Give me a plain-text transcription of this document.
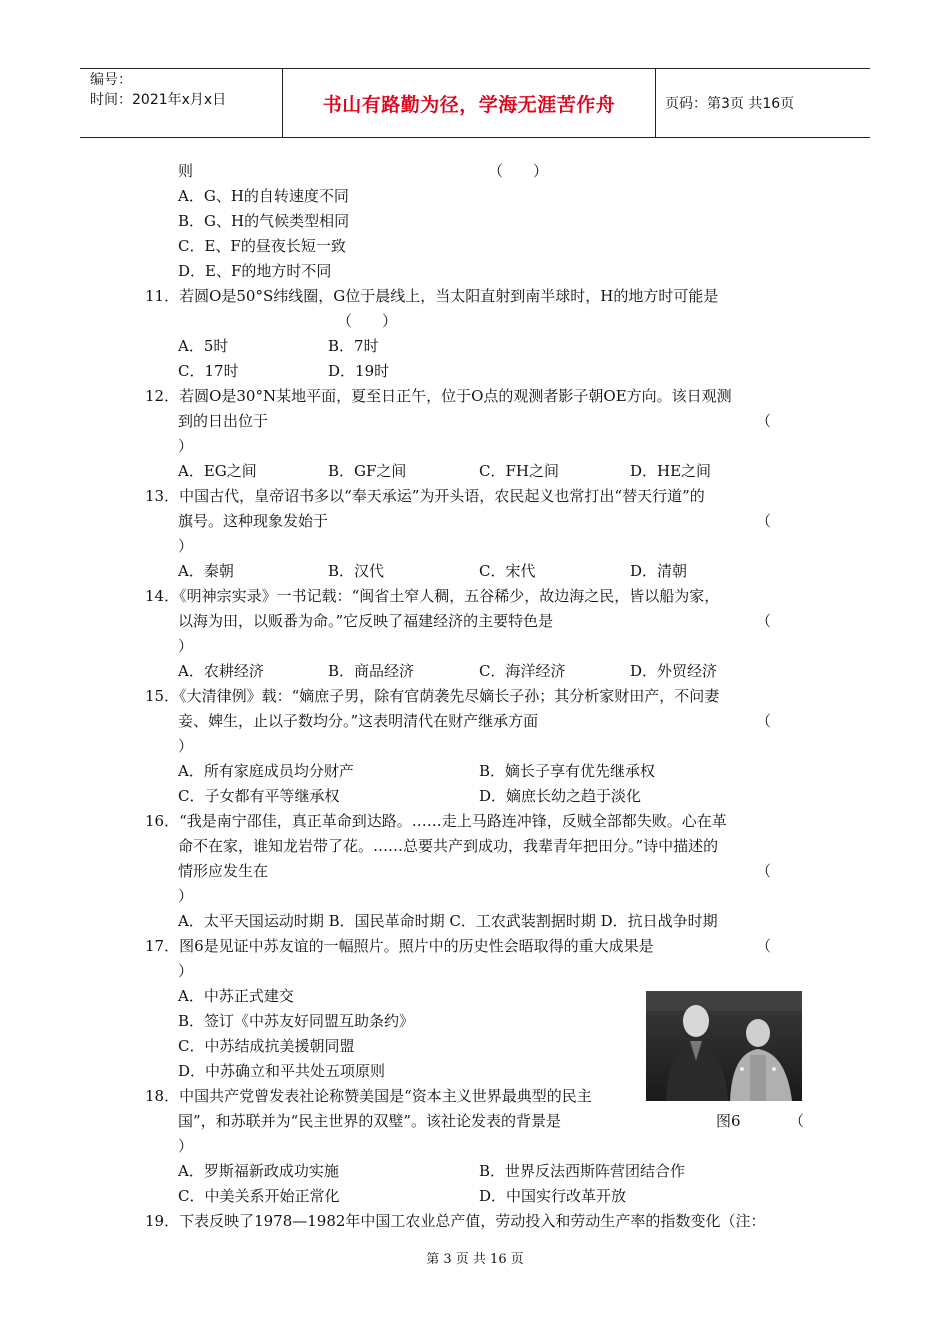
编号：
时间：2021年x月x日	书山有路勤为径，学海无涯苦作舟	页码：第3页 共16页
则	（　　）
A．G、H的自转速度不同
B．G、H的气候类型相同
C．E、F的昼夜长短一致
D．E、F的地方时不同
11．若圆O是50°S纬线圈，G位于晨线上，当太阳直射到南半球时，H的地方时可能是
（　　）
A．5时	B．7时
C．17时	D．19时
12．若圆O是30°N某地平面，夏至日正午，位于O点的观测者影子朝OE方向。该日观测
到的日出位于	（
）
A．EG之间	B．GF之间	C．FH之间	D．HE之间
13．中国古代，皇帝诏书多以“奉天承运”为开头语，农民起义也常打出“替天行道”的
旗号。这种现象发始于	（
）
A．秦朝	B．汉代	C．宋代	D．清朝
14．《明神宗实录》一书记载：“闽省土窄人稠，五谷稀少，故边海之民，皆以船为家，
以海为田，以贩番为命。”它反映了福建经济的主要特色是	（
）
A．农耕经济	B．商品经济	C．海洋经济	D．外贸经济
15．《大清律例》载：“嫡庶子男，除有官荫袭先尽嫡长子孙；其分析家财田产，不问妻
妾、婢生，止以子数均分。”这表明清代在财产继承方面	（
）
A．所有家庭成员均分财产	B．嫡长子享有优先继承权
C．子女都有平等继承权	D．嫡庶长幼之趋于淡化
16．“我是南宁邵佳，真正革命到达路。……走上马路连冲锋，反贼全部都失败。心在革
命不在家，谁知龙岩带了花。……总要共产到成功，我辈青年把田分。”诗中描述的
情形应发生在	（
）
A．太平天国运动时期 B．国民革命时期 C．工农武装割据时期 D．抗日战争时期
17．图6是见证中苏友谊的一幅照片。照片中的历史性会晤取得的重大成果是	（
）
A．中苏正式建交
B．签订《中苏友好同盟互助条约》
C．中苏结成抗美援朝同盟
D．中苏确立和平共处五项原则
18．中国共产党曾发表社论称赞美国是“资本主义世界最典型的民主
国”，和苏联并为“民主世界的双璧”。该社论发表的背景是	图6	（
）
A．罗斯福新政成功实施	B．世界反法西斯阵营团结合作
C．中美关系开始正常化	D．中国实行改革开放
19．下表反映了1978—1982年中国工农业总产值，劳动投入和劳动生产率的指数变化（注：
第 3 页 共 16 页
